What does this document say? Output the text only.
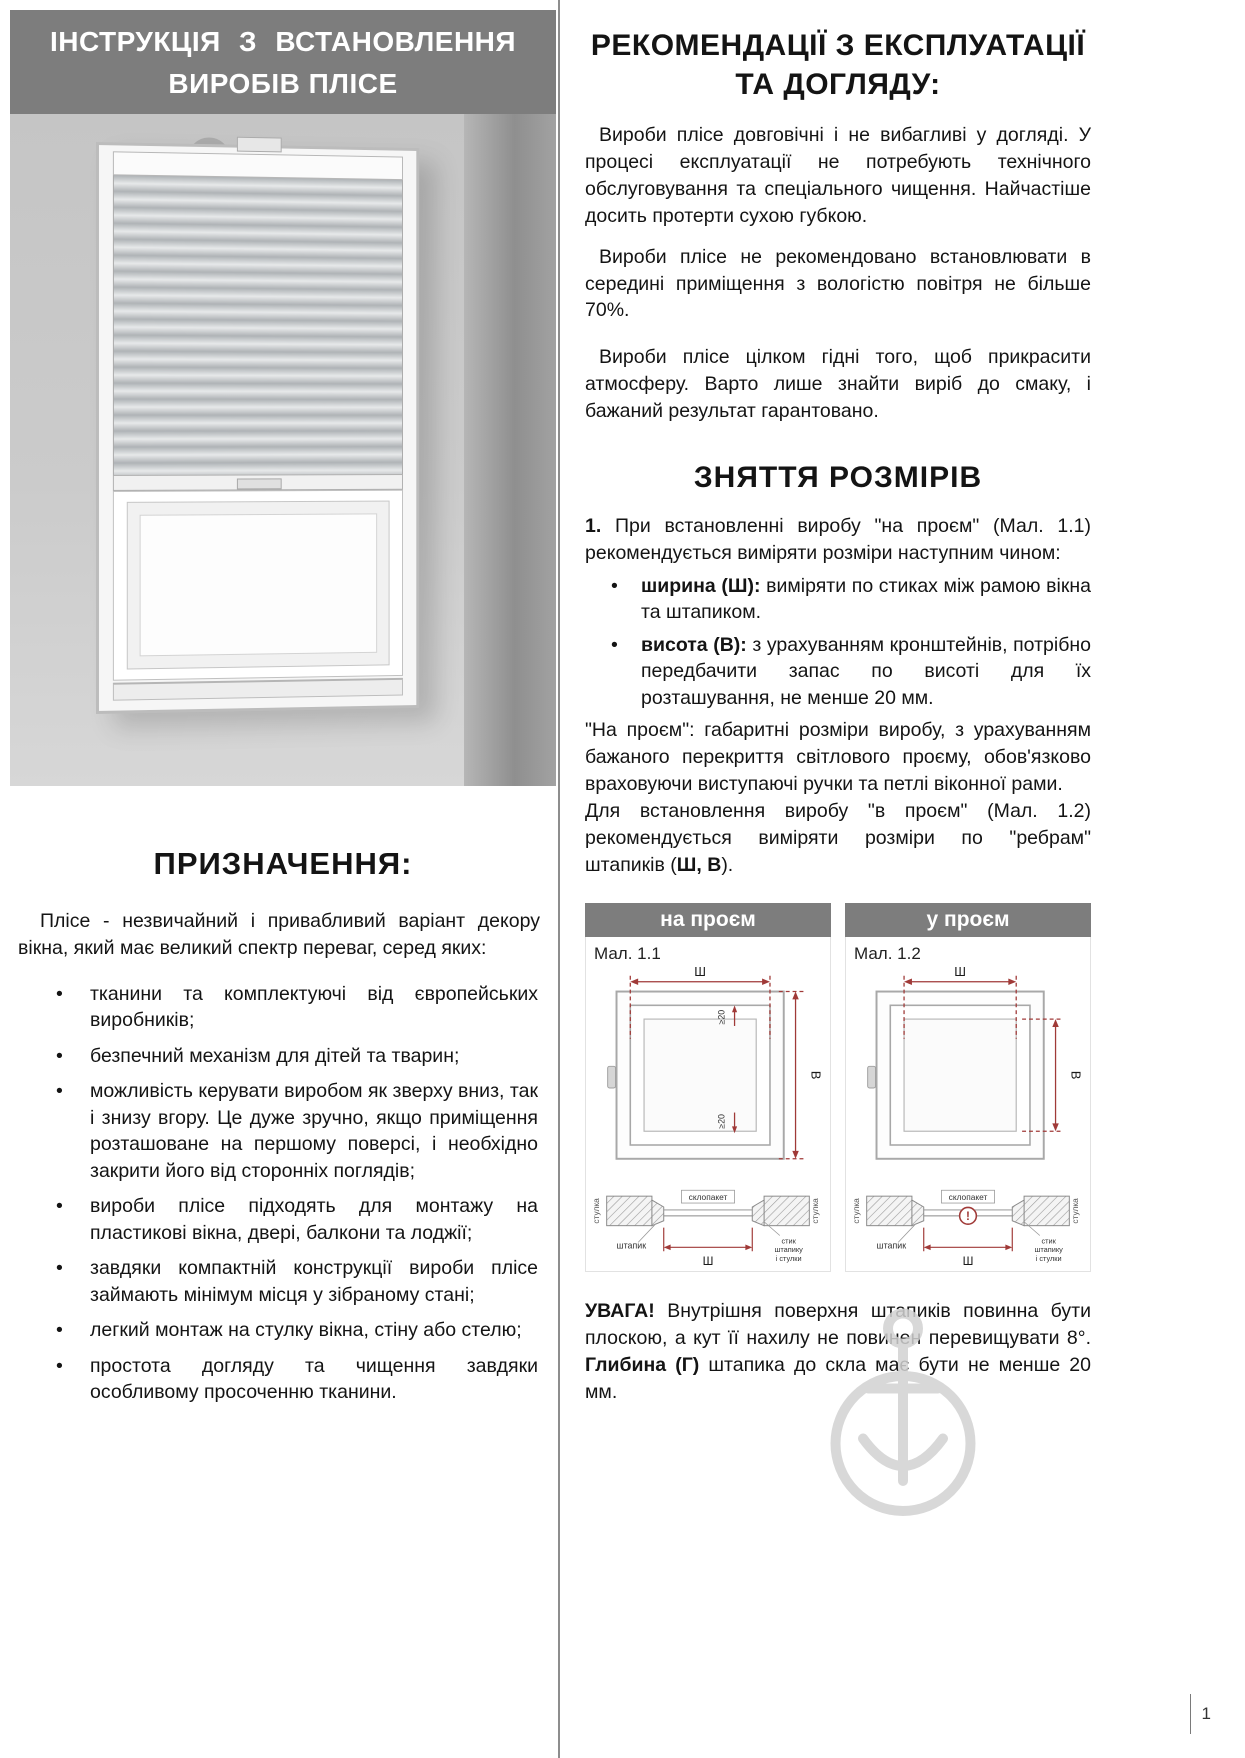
ІНСТРУКЦІЯ З ВСТАНОВЛЕННЯ
ВИРОБІВ ПЛІСЕ
ПРИЗНАЧЕННЯ:

Плісе - незвичайний і привабливий варіант декору вікна, який має великий спектр переваг, серед яких:

• тканини та комплектуючі від європейських виробників;
• безпечний механізм для дітей та тварин;
• можливість керувати виробом як зверху вниз, так і знизу вгору. Це дуже зручно, якщо приміщення розташоване на першому поверсі, і необхідно закрити його від сторонніх поглядів;
• вироби плісе підходять для монтажу на пластикові вікна, двері, балкони та лоджії;
• завдяки компактній конструкції вироби плісе займають мінімум місця у зібраному стані;
• легкий монтаж на стулку вікна, стіну або стелю;
• простота догляду та чищення завдяки особливому просоченню тканини.
РЕКОМЕНДАЦІЇ З ЕКСПЛУАТАЦІЇ
ТА ДОГЛЯДУ:

Вироби плісе довговічні і не вибагливі у догляді. У процесі експлуатації не потребують технічного обслуговування та спеціального чищення. Найчастіше досить протерти сухою губкою.

Вироби плісе не рекомендовано встановлювати в середині приміщення з вологістю повітря не більше 70%.

Вироби плісе цілком гідні того, щоб прикрасити атмосферу. Варто лише знайти виріб до смаку, і бажаний результат гарантовано.

ЗНЯТТЯ РОЗМІРІВ

1. При встановленні виробу "на проєм" (Мал. 1.1) рекомендується виміряти розміри наступним чином:

• ширина (Ш): виміряти по стиках між рамою вікна та штапиком.
• висота (В): з урахуванням кронштейнів, потрібно передбачити запас по висоті для їх розташування, не менше 20 мм.

"На проєм": габаритні розміри виробу, з урахуванням бажаного перекриття світлового проєму, обов'язково враховуючи виступаючі ручки та петлі віконної рами.

Для встановлення виробу "в проєм" (Мал. 1.2) рекомендується виміряти розміри по "ребрам" штапиків (Ш, В).

на проєм
Мал. 1.1
Ш
В
≥20
≥20
склопакет
стулка	стулка
штапик
Ш
стик
штапику
і стулки
у проєм
Мал. 1.2
Ш
В
склопакет
!
стулка	стулка
штапик
Ш
стик
штапику
і стулки

УВАГА! Внутрішня поверхня штапиків повинна бути плоскою, а кут її нахилу не повинен перевищувати 8°. Глибина (Г) штапика до скла має бути не менше 20 мм.

1
